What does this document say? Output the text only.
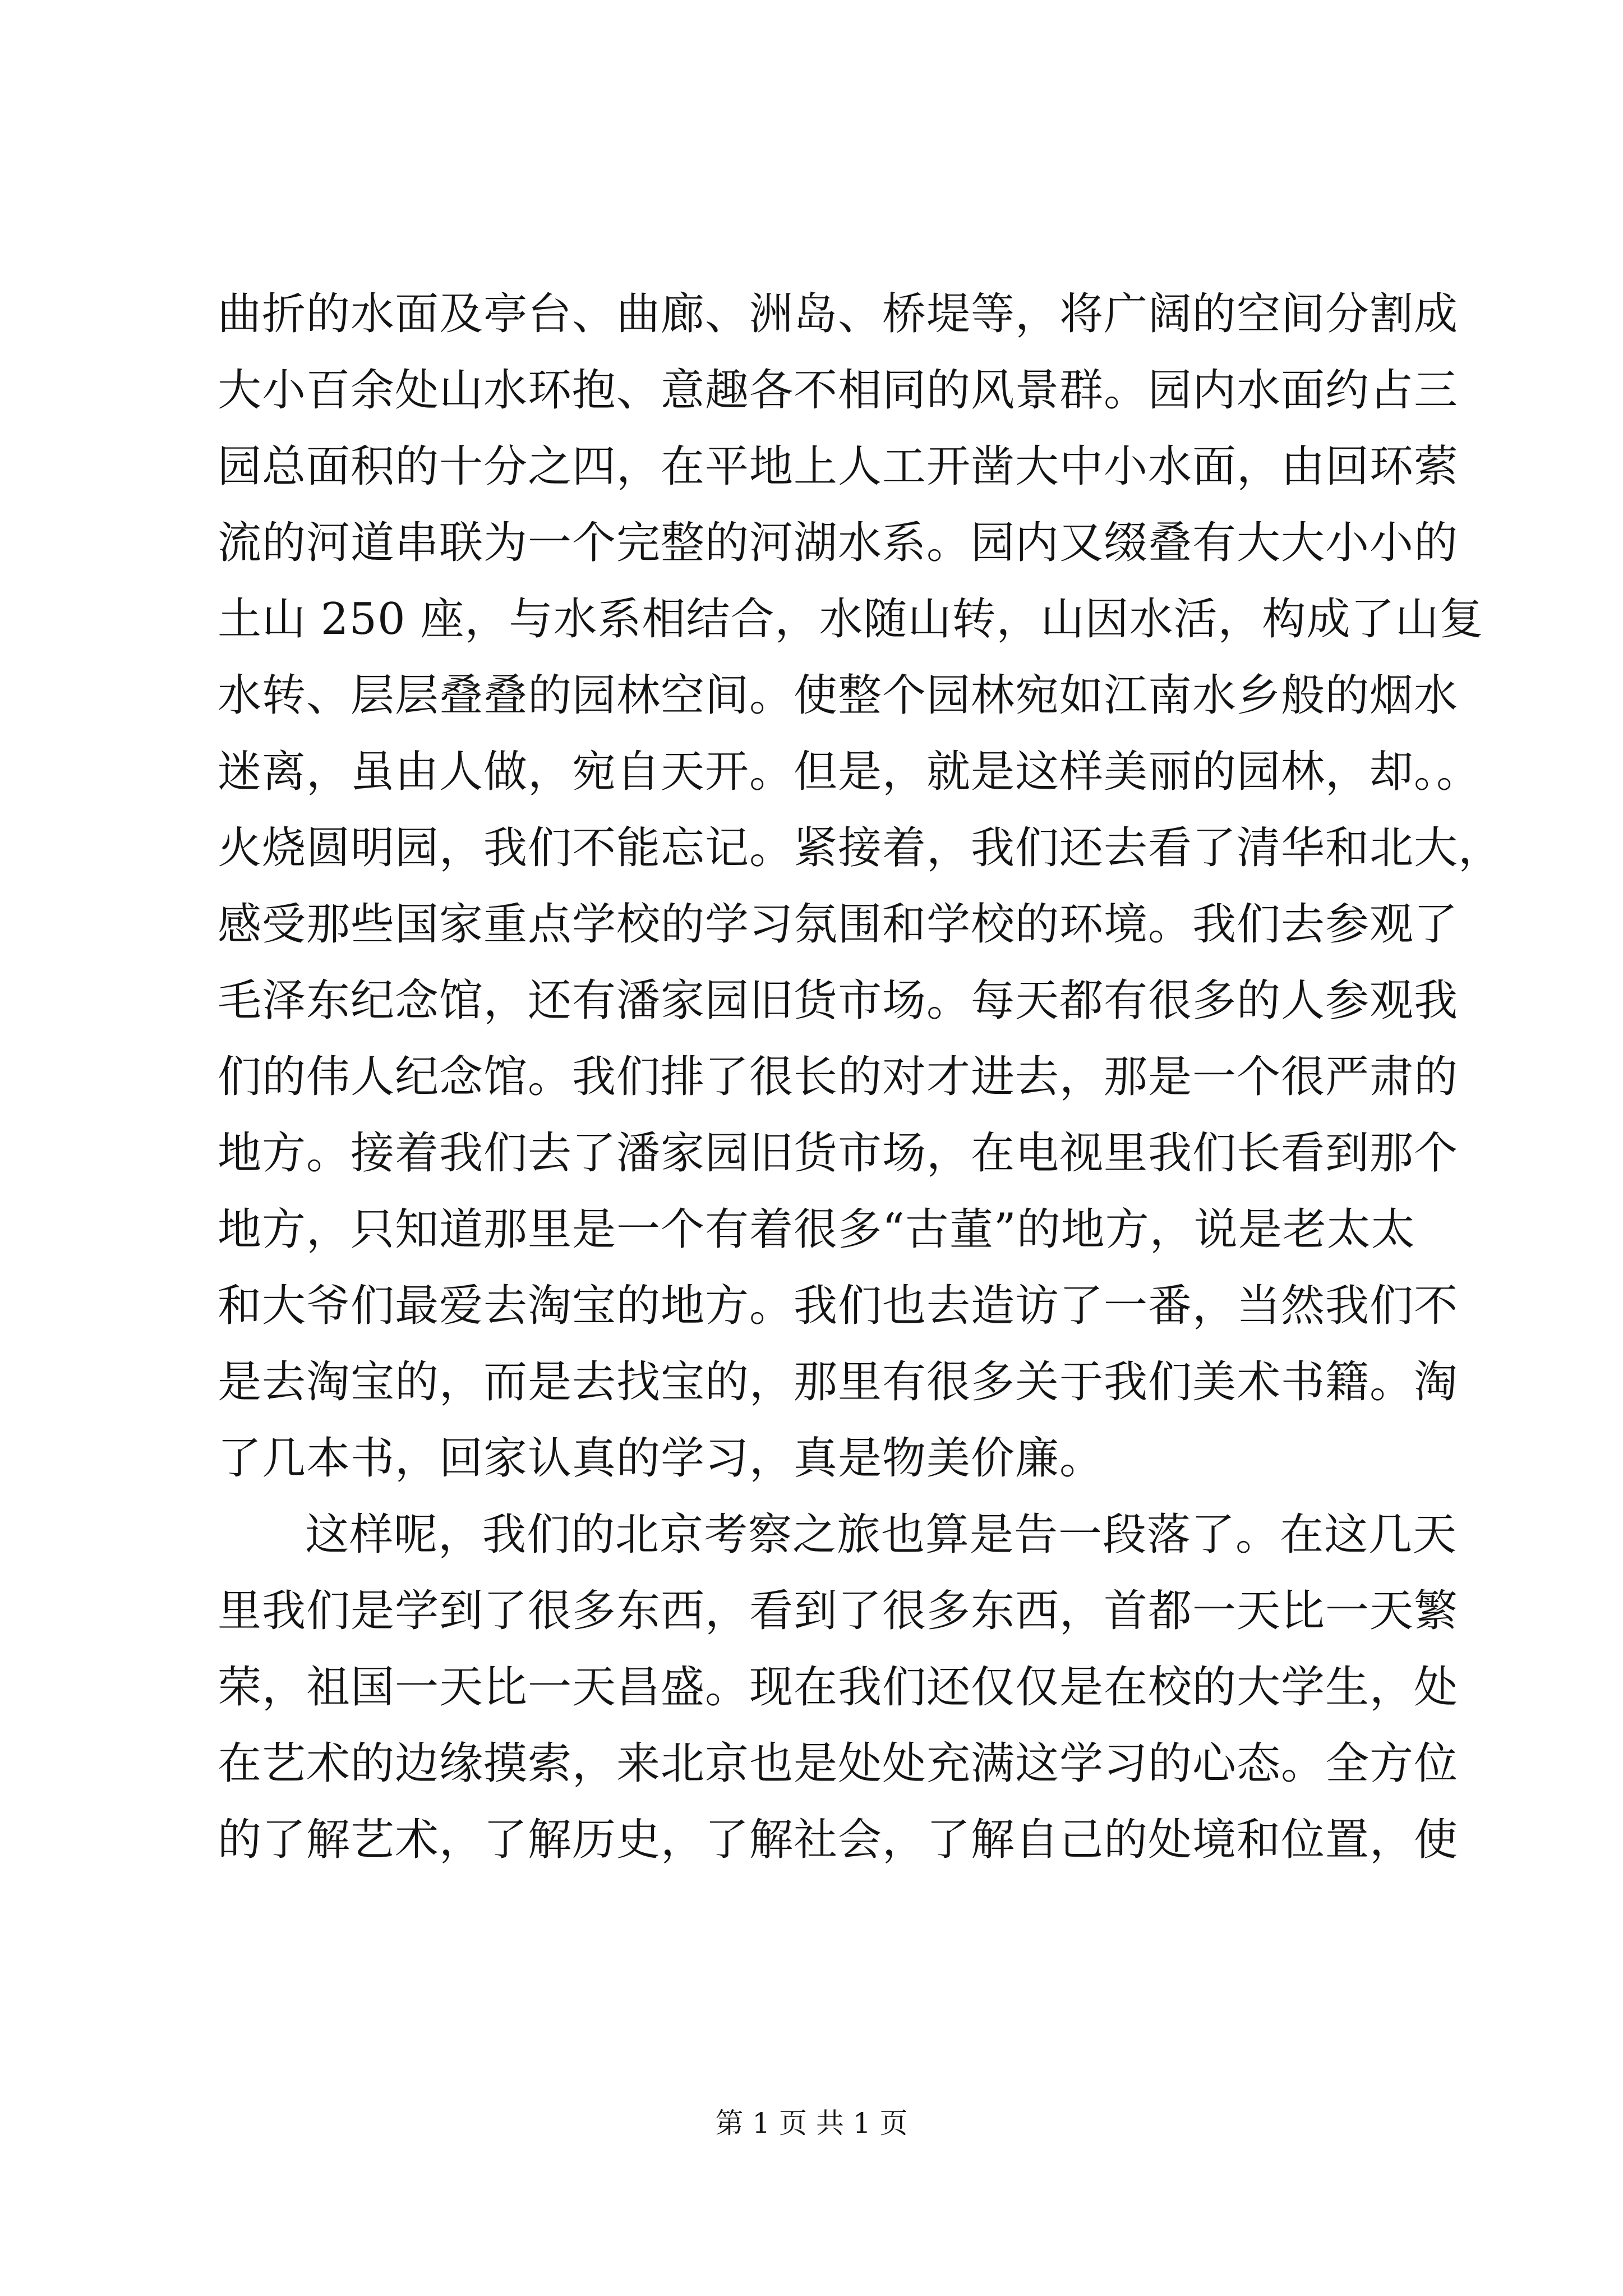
曲折的水面及亭台、曲廊、洲岛、桥堤等，将广阔的空间分割成
大小百余处山水环抱、意趣各不相同的风景群。园内水面约占三
园总面积的十分之四，在平地上人工开凿大中小水面，由回环萦
流的河道串联为一个完整的河湖水系。园内又缀叠有大大小小的
土山 250 座，与水系相结合，水随山转，山因水活，构成了山复
水转、层层叠叠的园林空间。使整个园林宛如江南水乡般的烟水
迷离，虽由人做，宛自天开。但是，就是这样美丽的园林，却。。
火烧圆明园，我们不能忘记。紧接着，我们还去看了清华和北大，
感受那些国家重点学校的学习氛围和学校的环境。我们去参观了
毛泽东纪念馆，还有潘家园旧货市场。每天都有很多的人参观我
们的伟人纪念馆。我们排了很长的对才进去，那是一个很严肃的
地方。接着我们去了潘家园旧货市场，在电视里我们长看到那个
地方，只知道那里是一个有着很多“古董”的地方，说是老太太
和大爷们最爱去淘宝的地方。我们也去造访了一番，当然我们不
是去淘宝的，而是去找宝的，那里有很多关于我们美术书籍。淘
了几本书，回家认真的学习，真是物美价廉。
这样呢，我们的北京考察之旅也算是告一段落了。在这几天
里我们是学到了很多东西，看到了很多东西，首都一天比一天繁
荣，祖国一天比一天昌盛。现在我们还仅仅是在校的大学生，处
在艺术的边缘摸索，来北京也是处处充满这学习的心态。全方位
的了解艺术，了解历史，了解社会，了解自己的处境和位置，使
第 1 页 共 1 页
